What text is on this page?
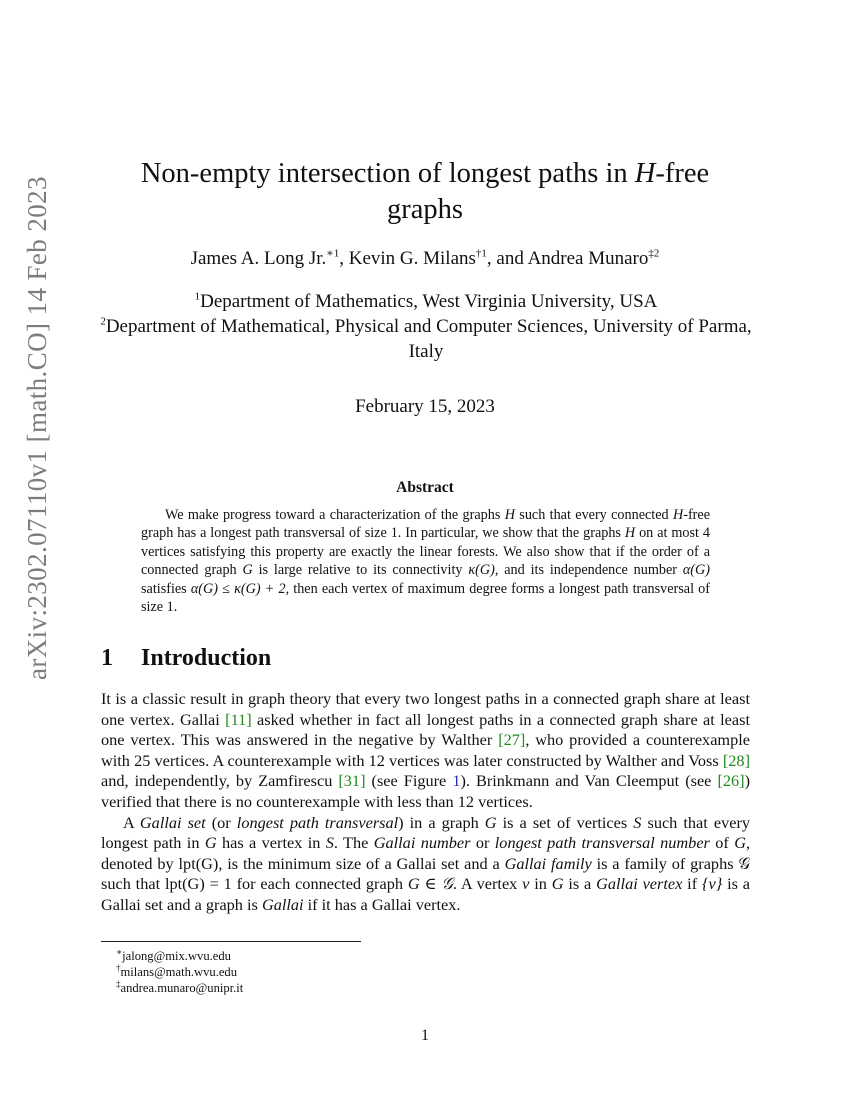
arXiv:2302.07110v1 [math.CO] 14 Feb 2023
Non-empty intersection of longest paths in H-free
graphs
James A. Long Jr.$^{∗1}$, Kevin G. Milans$^{\dagger 1}$, and Andrea Munaro$^{\ddagger 2}$
$^1$Department of Mathematics, West Virginia University, USA
$^2$Department of Mathematical, Physical and Computer Sciences, University of Parma, Italy
February 15, 2023
Abstract
We make progress toward a characterization of the graphs H such that every connected H-free graph has a longest path transversal of size 1. In particular, we show that the graphs H on at most 4 vertices satisfying this property are exactly the linear forests. We also show that if the order of a connected graph G is large relative to its connectivity κ(G), and its independence number α(G) satisfies α(G) ≤ κ(G) + 2, then each vertex of maximum degree forms a longest path transversal of size 1.
1 Introduction

It is a classic result in graph theory that every two longest paths in a connected graph share at least one vertex. Gallai [11] asked whether in fact all longest paths in a connected graph share at least one vertex. This was answered in the negative by Walther [27], who provided a counterexample with 25 vertices. A counterexample with 12 vertices was later constructed by Walther and Voss [28] and, independently, by Zamfirescu [31] (see Figure 1). Brinkmann and Van Cleemput (see [26]) verified that there is no counterexample with less than 12 vertices.

A Gallai set (or longest path transversal) in a graph G is a set of vertices S such that every longest path in G has a vertex in S. The Gallai number or longest path transversal number of G, denoted by lpt(G), is the minimum size of a Gallai set and a Gallai family is a family of graphs 𝒢 such that lpt(G) = 1 for each connected graph G ∈ 𝒢. A vertex v in G is a Gallai vertex if {v} is a Gallai set and a graph is Gallai if it has a Gallai vertex.

∗jalong@mix.wvu.edu
†milans@math.wvu.edu
‡andrea.munaro@unipr.it
1
